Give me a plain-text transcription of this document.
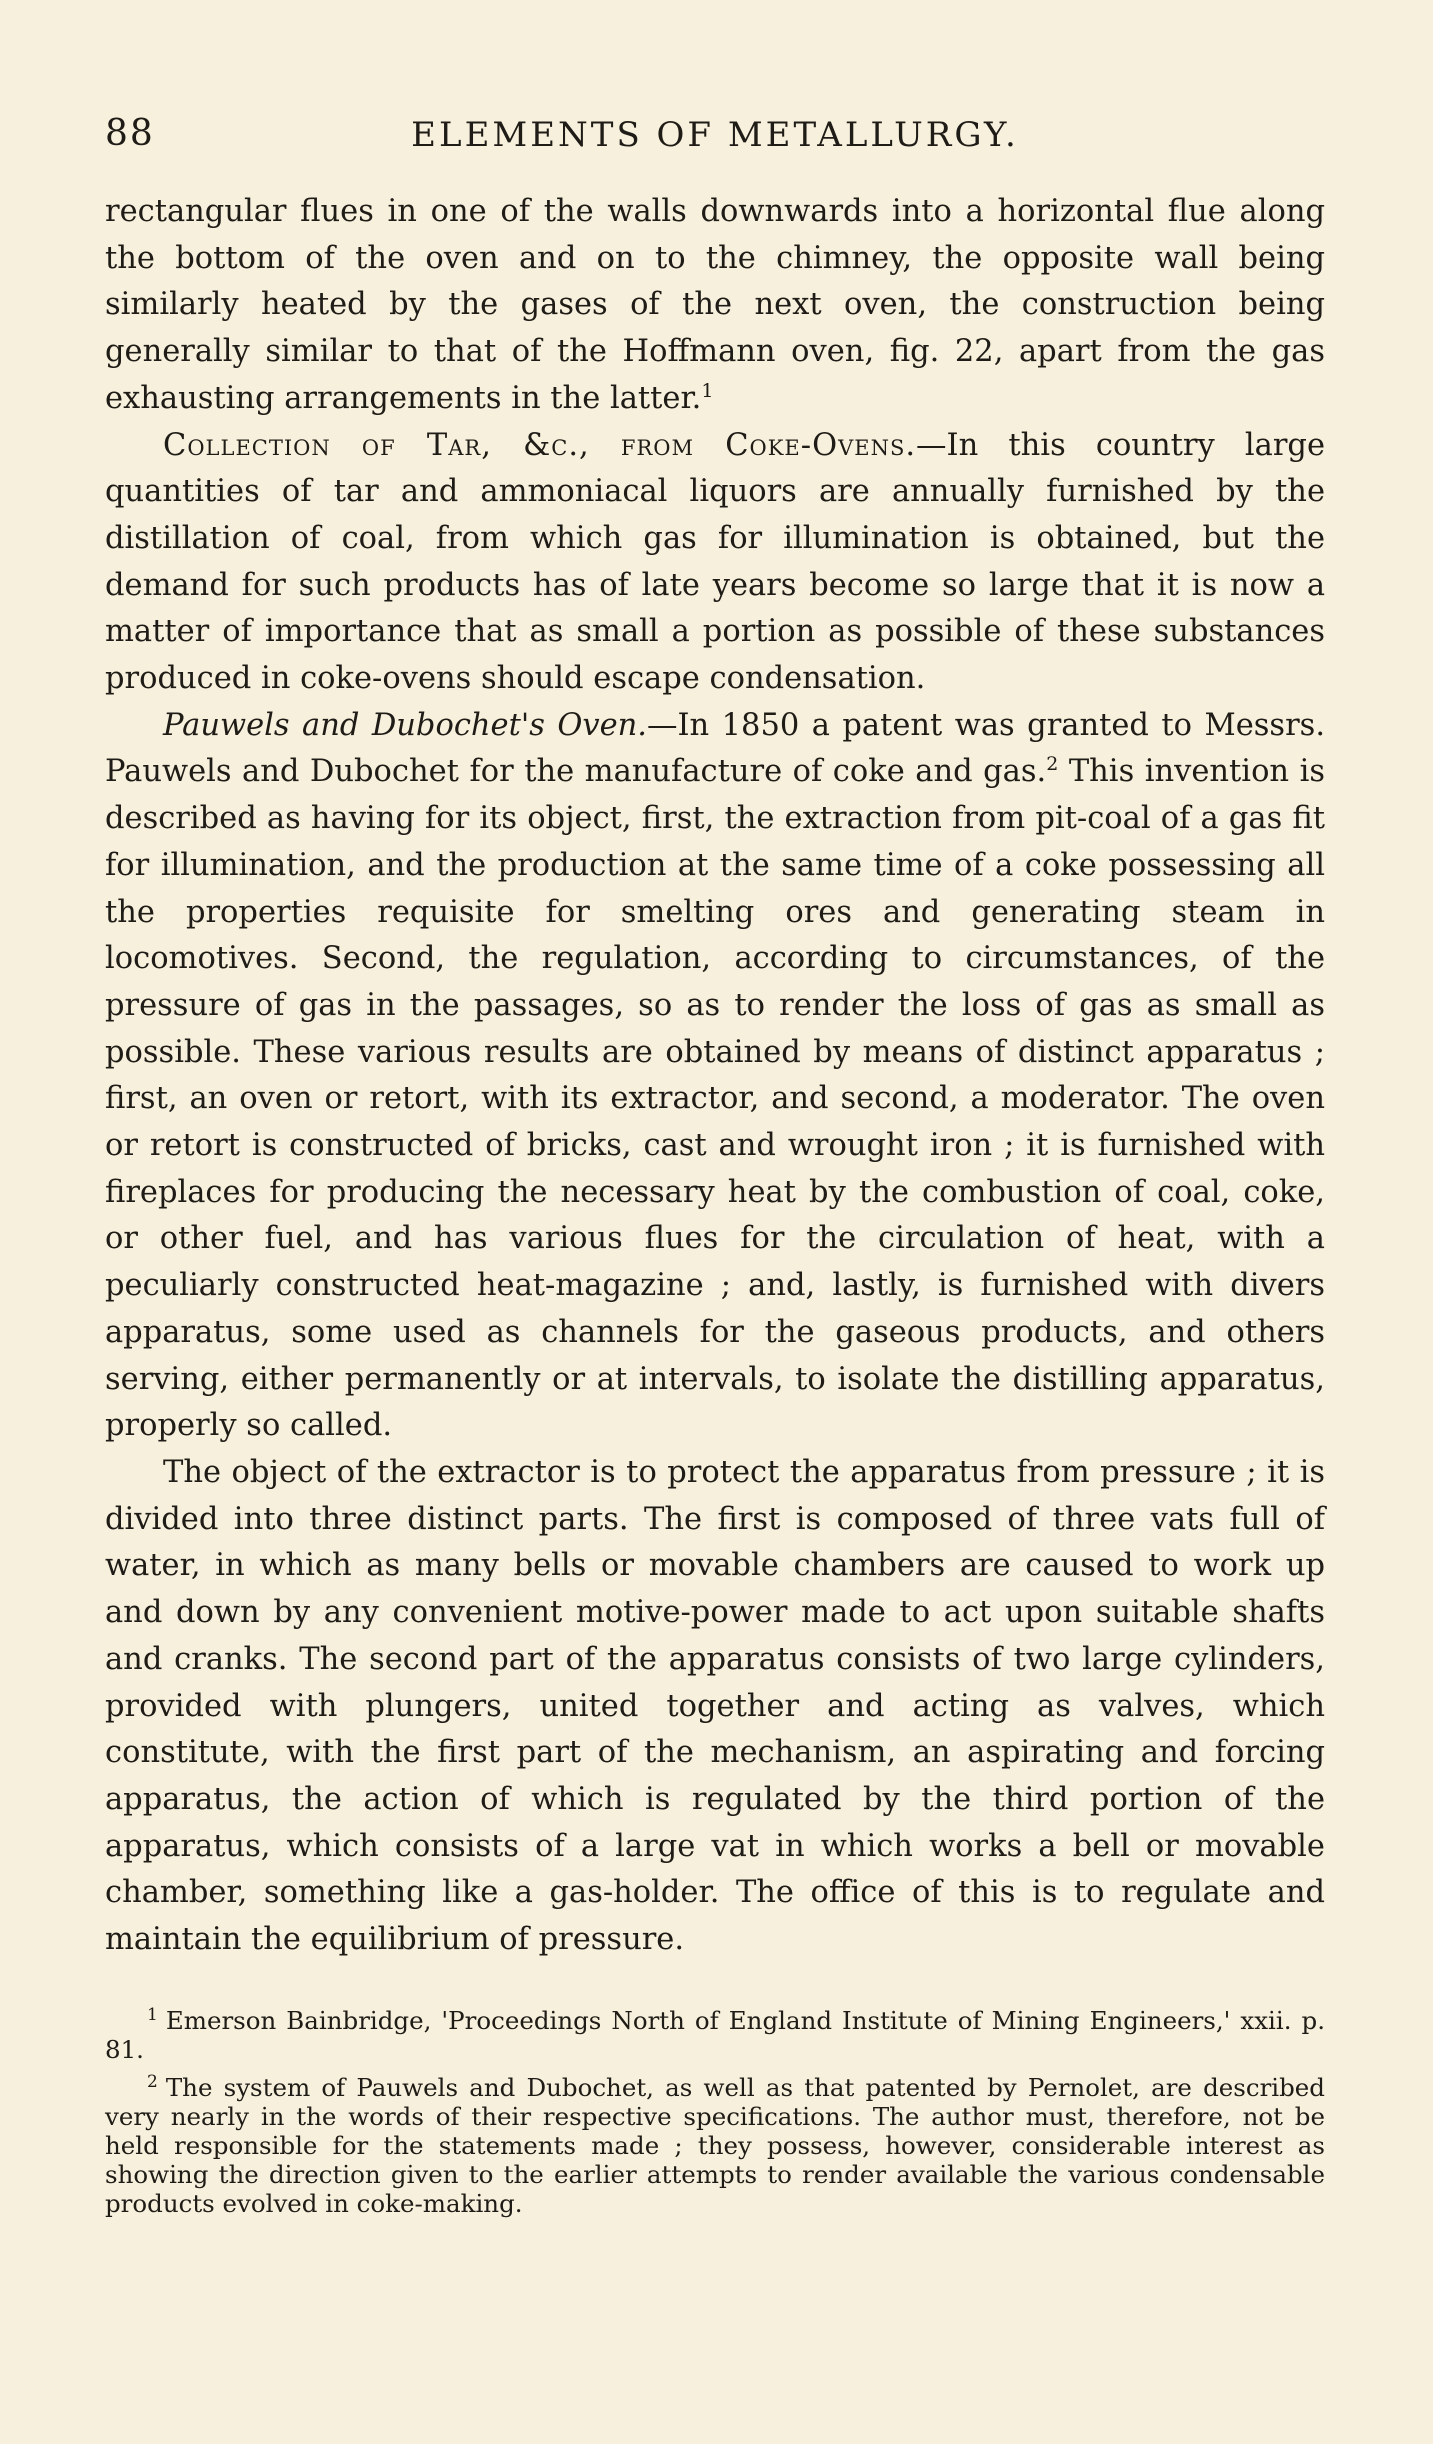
88	ELEMENTS OF METALLURGY.

rectangular flues in one of the walls downwards into a horizontal flue along the bottom of the oven and on to the chimney, the opposite wall being similarly heated by the gases of the next oven, the construction being generally similar to that of the Hoffmann oven, fig. 22, apart from the gas exhausting arrangements in the latter.$^1$

Collection of Tar, &c., from Coke-Ovens.—In this country large quantities of tar and ammoniacal liquors are annually furnished by the distillation of coal, from which gas for illumination is obtained, but the demand for such products has of late years become so large that it is now a matter of importance that as small a portion as possible of these substances produced in coke-ovens should escape condensation.

Pauwels and Dubochet's Oven.—In 1850 a patent was granted to Messrs. Pauwels and Dubochet for the manufacture of coke and gas.$^2$ This invention is described as having for its object, first, the extraction from pit-coal of a gas fit for illumination, and the production at the same time of a coke possessing all the properties requisite for smelting ores and generating steam in locomotives. Second, the regulation, according to circumstances, of the pressure of gas in the passages, so as to render the loss of gas as small as possible. These various results are obtained by means of distinct apparatus ; first, an oven or retort, with its extractor, and second, a moderator. The oven or retort is constructed of bricks, cast and wrought iron ; it is furnished with fireplaces for producing the necessary heat by the combustion of coal, coke, or other fuel, and has various flues for the circulation of heat, with a peculiarly constructed heat-magazine ; and, lastly, is furnished with divers apparatus, some used as channels for the gaseous products, and others serving, either permanently or at intervals, to isolate the distilling apparatus, properly so called.

The object of the extractor is to protect the apparatus from pressure ; it is divided into three distinct parts. The first is composed of three vats full of water, in which as many bells or movable chambers are caused to work up and down by any convenient motive-power made to act upon suitable shafts and cranks. The second part of the apparatus consists of two large cylinders, provided with plungers, united together and acting as valves, which constitute, with the first part of the mechanism, an aspirating and forcing apparatus, the action of which is regulated by the third portion of the apparatus, which consists of a large vat in which works a bell or movable chamber, something like a gas-holder. The office of this is to regulate and maintain the equilibrium of pressure.

$^1$ Emerson Bainbridge, 'Proceedings North of England Institute of Mining Engineers,' xxii. p. 81.

$^2$ The system of Pauwels and Dubochet, as well as that patented by Pernolet, are described very nearly in the words of their respective specifications. The author must, therefore, not be held responsible for the statements made ; they possess, however, considerable interest as showing the direction given to the earlier attempts to render available the various condensable products evolved in coke-making.
